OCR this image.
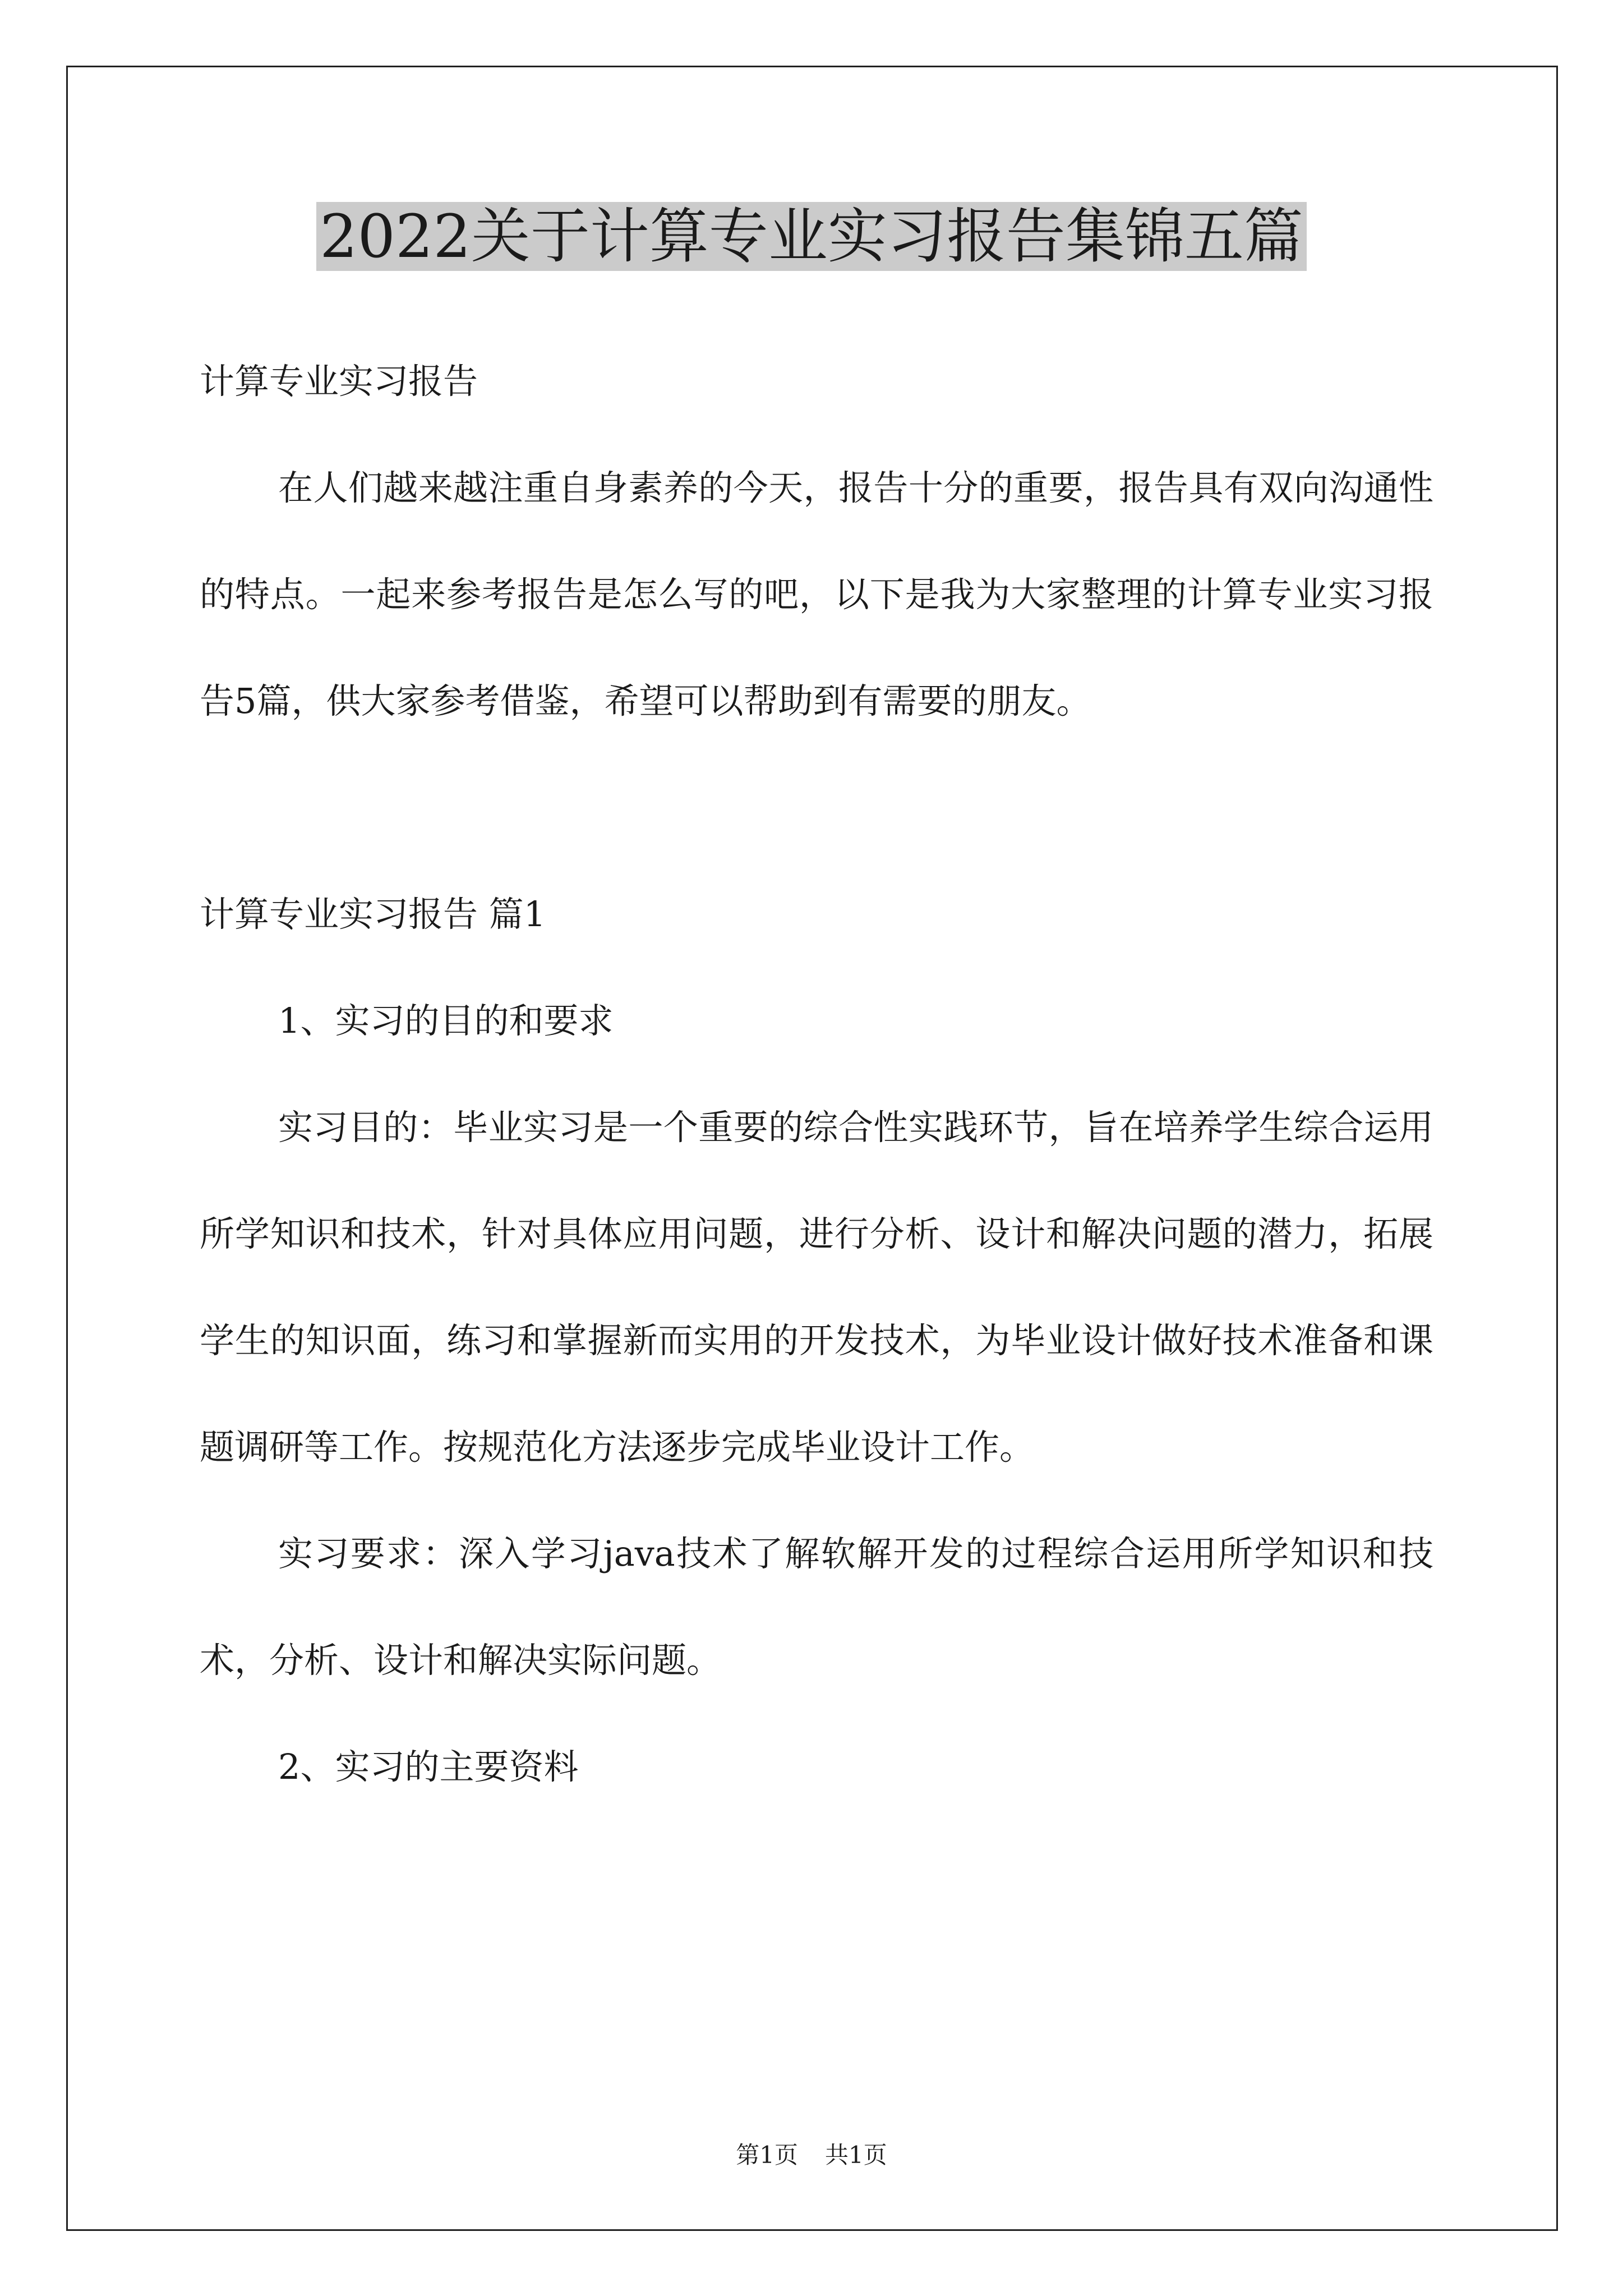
2022关于计算专业实习报告集锦五篇

计算专业实习报告

在人们越来越注重自身素养的今天，报告十分的重要，报告具有双向沟通性的特点。一起来参考报告是怎么写的吧，以下是我为大家整理的计算专业实习报告5篇，供大家参考借鉴，希望可以帮助到有需要的朋友。

计算专业实习报告 篇1

1、实习的目的和要求

实习目的：毕业实习是一个重要的综合性实践环节，旨在培养学生综合运用所学知识和技术，针对具体应用问题，进行分析、设计和解决问题的潜力，拓展学生的知识面，练习和掌握新而实用的开发技术，为毕业设计做好技术准备和课题调研等工作。按规范化方法逐步完成毕业设计工作。

实习要求：深入学习java技术了解软解开发的过程综合运用所学知识和技术，分析、设计和解决实际问题。

2、实习的主要资料

第1页 共1页
